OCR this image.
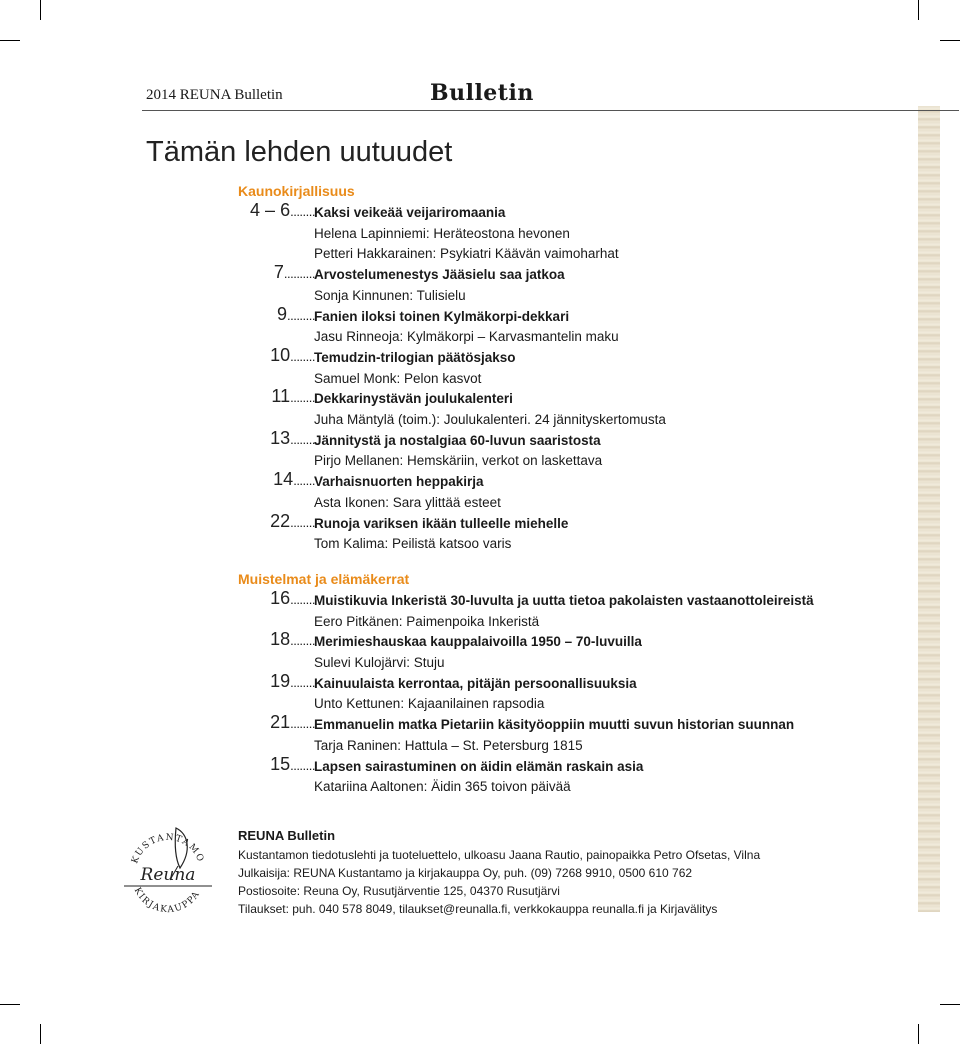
2014 REUNA Bulletin	Bulletin
Tämän lehden uutuudet
Kaunokirjallisuus
4 – 6........ Kaksi veikeää veijariromaania
Helena Lapinniemi: Heräteostona hevonen
Petteri Hakkarainen: Psykiatri Käävän vaimoharhat
7.......... Arvostelumenestys Jääsielu saa jatkoa
Sonja Kinnunen: Tulisielu
9......... Fanien iloksi toinen Kylmäkorpi-dekkari
Jasu Rinneoja: Kylmäkorpi – Karvasmantelin maku
10........ Temudzin-trilogian päätösjakso
Samuel Monk: Pelon kasvot
11........ Dekkarinystävän joulukalenteri
Juha Mäntylä (toim.): Joulukalenteri. 24 jännityskertomusta
13........ Jännitystä ja nostalgiaa 60-luvun saaristosta
Pirjo Mellanen: Hemskäriin, verkot on laskettava
14....... Varhaisnuorten heppakirja
Asta Ikonen: Sara ylittää esteet
22........ Runoja variksen ikään tulleelle miehelle
Tom Kalima: Peilistä katsoo varis
Muistelmat ja elämäkerrat
16........ Muistikuvia Inkeristä 30-luvulta ja uutta tietoa pakolaisten vastaanottoleireistä
Eero Pitkänen: Paimenpoika Inkeristä
18........ Merimieshauskaa kauppalaivoilla 1950 – 70-luvuilla
Sulevi Kulojärvi: Stuju
19........ Kainuulaista kerrontaa, pitäjän persoonallisuuksia
Unto Kettunen: Kajaanilainen rapsodia
21........ Emmanuelin matka Pietariin käsityöoppiin muutti suvun historian suunnan
Tarja Raninen: Hattula – St. Petersburg 1815
15........ Lapsen sairastuminen on äidin elämän raskain asia
Katariina Aaltonen: Äidin 365 toivon päivää
KUSTANTAMO
Reuna
KIRJAKAUPPA
REUNA Bulletin
Kustantamon tiedotuslehti ja tuoteluettelo, ulkoasu Jaana Rautio, painopaikka Petro Ofsetas, Vilna
Julkaisija: REUNA Kustantamo ja kirjakauppa Oy, puh. (09) 7268 9910, 0500 610 762
Postiosoite: Reuna Oy, Rusutjärventie 125, 04370 Rusutjärvi
Tilaukset: puh. 040 578 8049, tilaukset@reunalla.fi, verkkokauppa reunalla.fi ja Kirjavälitys
